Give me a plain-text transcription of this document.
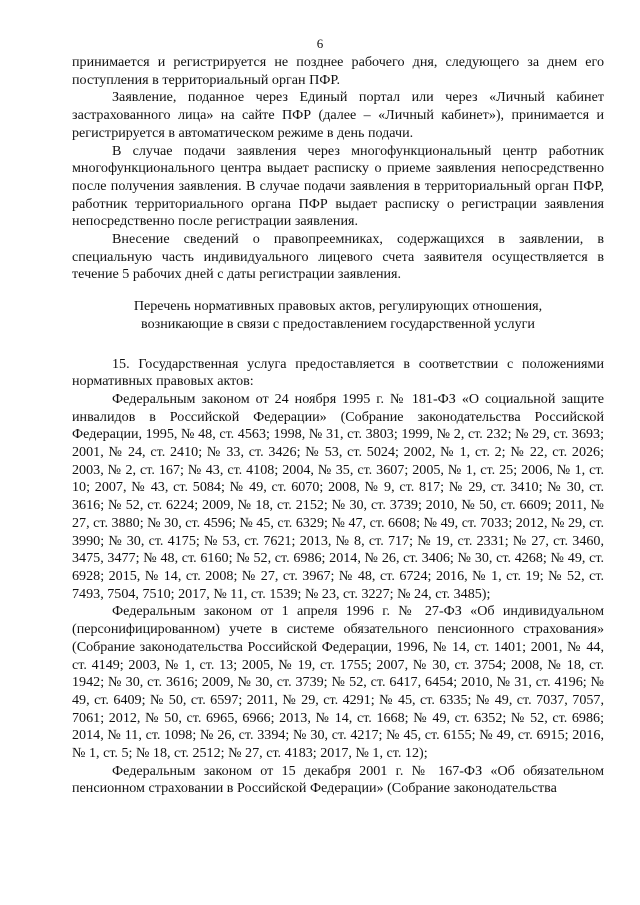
6

принимается и регистрируется не позднее рабочего дня, следующего за днем его поступления в территориальный орган ПФР.

Заявление, поданное через Единый портал или через «Личный кабинет застрахованного лица» на сайте ПФР (далее – «Личный кабинет»), принимается и регистрируется в автоматическом режиме в день подачи.

В случае подачи заявления через многофункциональный центр работник многофункционального центра выдает расписку о приеме заявления непосредственно после получения заявления. В случае подачи заявления в территориальный орган ПФР, работник территориального органа ПФР выдает расписку о регистрации заявления непосредственно после регистрации заявления.

Внесение сведений о правопреемниках, содержащихся в заявлении, в специальную часть индивидуального лицевого счета заявителя осуществляется в течение 5 рабочих дней с даты регистрации заявления.

Перечень нормативных правовых актов, регулирующих отношения,
возникающие в связи с предоставлением государственной услуги

15. Государственная услуга предоставляется в соответствии с положениями нормативных правовых актов:

Федеральным законом от 24 ноября 1995 г. № 181-ФЗ «О социальной защите инвалидов в Российской Федерации» (Собрание законодательства Российской Федерации, 1995, № 48, ст. 4563; 1998, № 31, ст. 3803; 1999, № 2, ст. 232; № 29, ст. 3693; 2001, № 24, ст. 2410; № 33, ст. 3426; № 53, ст. 5024; 2002, № 1, ст. 2; № 22, ст. 2026; 2003, № 2, ст. 167; № 43, ст. 4108; 2004, № 35, ст. 3607; 2005, № 1, ст. 25; 2006, № 1, ст. 10; 2007, № 43, ст. 5084; № 49, ст. 6070; 2008, № 9, ст. 817; № 29, ст. 3410; № 30, ст. 3616; № 52, ст. 6224; 2009, № 18, ст. 2152; № 30, ст. 3739; 2010, № 50, ст. 6609; 2011, № 27, ст. 3880; № 30, ст. 4596; № 45, ст. 6329; № 47, ст. 6608; № 49, ст. 7033; 2012, № 29, ст. 3990; № 30, ст. 4175; № 53, ст. 7621; 2013, № 8, ст. 717; № 19, ст. 2331; № 27, ст. 3460, 3475, 3477; № 48, ст. 6160; № 52, ст. 6986; 2014, № 26, ст. 3406; № 30, ст. 4268; № 49, ст. 6928; 2015, № 14, ст. 2008; № 27, ст. 3967; № 48, ст. 6724; 2016, № 1, ст. 19; № 52, ст. 7493, 7504, 7510; 2017, № 11, ст. 1539; № 23, ст. 3227; № 24, ст. 3485);

Федеральным законом от 1 апреля 1996 г. № 27-ФЗ «Об индивидуальном (персонифицированном) учете в системе обязательного пенсионного страхования» (Собрание законодательства Российской Федерации, 1996, № 14, ст. 1401; 2001, № 44, ст. 4149; 2003, № 1, ст. 13; 2005, № 19, ст. 1755; 2007, № 30, ст. 3754; 2008, № 18, ст. 1942; № 30, ст. 3616; 2009, № 30, ст. 3739; № 52, ст. 6417, 6454; 2010, № 31, ст. 4196; № 49, ст. 6409; № 50, ст. 6597; 2011, № 29, ст. 4291; № 45, ст. 6335; № 49, ст. 7037, 7057, 7061; 2012, № 50, ст. 6965, 6966; 2013, № 14, ст. 1668; № 49, ст. 6352; № 52, ст. 6986; 2014, № 11, ст. 1098; № 26, ст. 3394; № 30, ст. 4217; № 45, ст. 6155; № 49, ст. 6915; 2016, № 1, ст. 5; № 18, ст. 2512; № 27, ст. 4183; 2017, № 1, ст. 12);

Федеральным законом от 15 декабря 2001 г. № 167-ФЗ «Об обязательном пенсионном страховании в Российской Федерации» (Собрание законодательства
